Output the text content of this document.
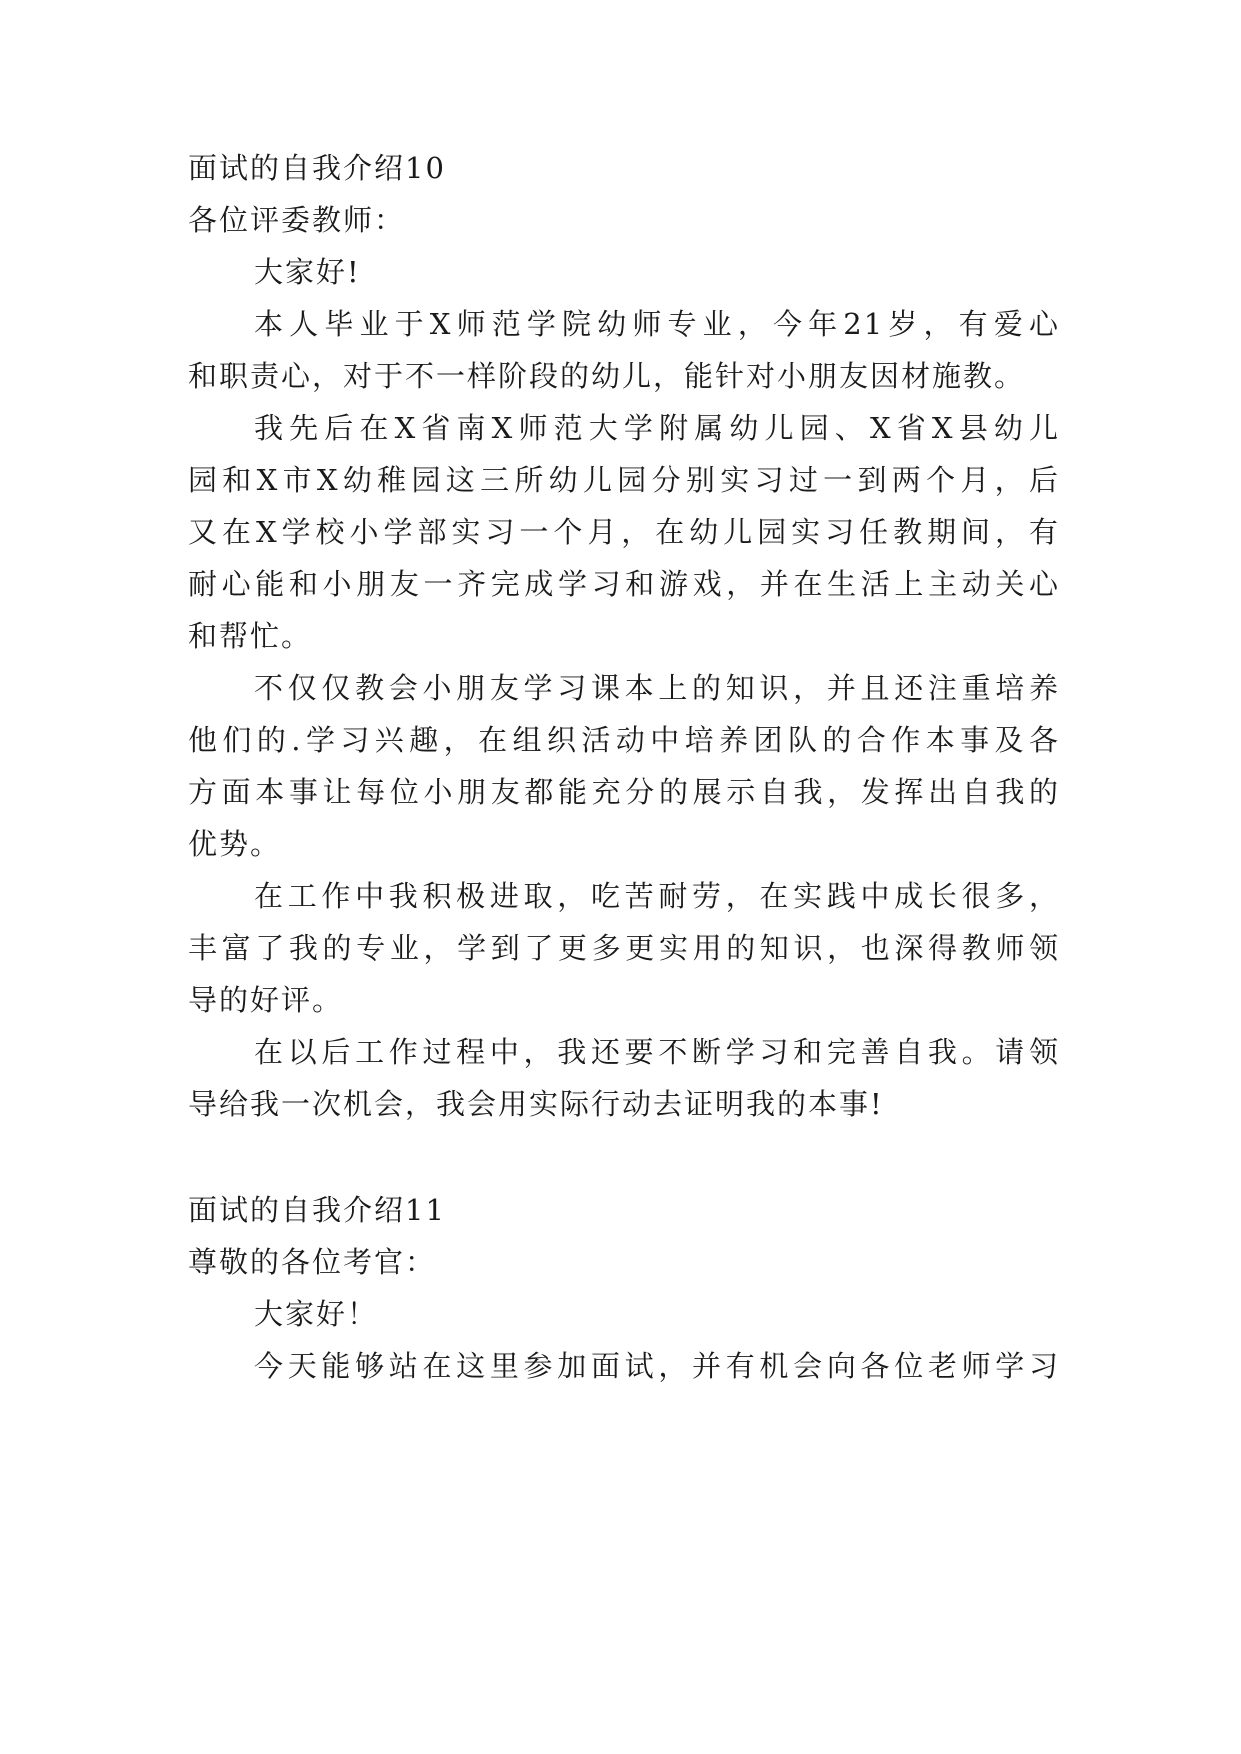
面试的自我介绍10
各位评委教师：
大家好!
本人毕业于X师范学院幼师专业，今年21岁，有爱心
和职责心，对于不一样阶段的幼儿，能针对小朋友因材施教。
我先后在X省南X师范大学附属幼儿园、X省X县幼儿
园和X市X幼稚园这三所幼儿园分别实习过一到两个月，后
又在X学校小学部实习一个月，在幼儿园实习任教期间，有
耐心能和小朋友一齐完成学习和游戏，并在生活上主动关心
和帮忙。
不仅仅教会小朋友学习课本上的知识，并且还注重培养
他们的.学习兴趣，在组织活动中培养团队的合作本事及各
方面本事让每位小朋友都能充分的展示自我，发挥出自我的
优势。
在工作中我积极进取，吃苦耐劳，在实践中成长很多，
丰富了我的专业，学到了更多更实用的知识，也深得教师领
导的好评。
在以后工作过程中，我还要不断学习和完善自我。请领
导给我一次机会，我会用实际行动去证明我的本事!
面试的自我介绍11
尊敬的各位考官：
大家好！
今天能够站在这里参加面试，并有机会向各位老师学习
